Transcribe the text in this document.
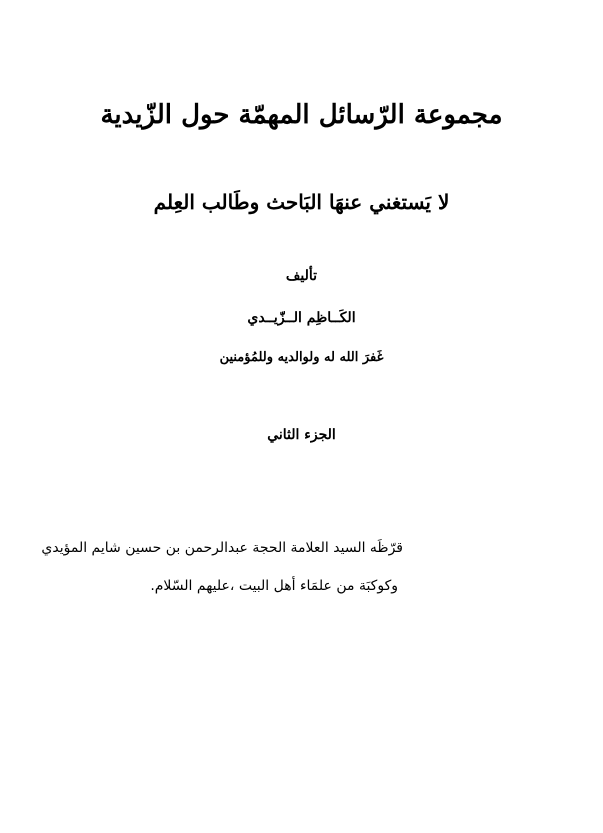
مجموعة الرّسائل المهمّة حول الزّيدية
لا يَستغني عنهَا البَاحث وطَالب العِلم
تأليف
الكَــاظِم الــزّيــدي
غَفرَ الله له ولوالديه وللمُؤمنين
الجزء الثاني
قرّظَه السيد العلامة الحجة عبدالرحمن بن حسين شايم المؤيدي
وكوكبَة من علمَاء أهل البيت ،عليهم السّلام.
